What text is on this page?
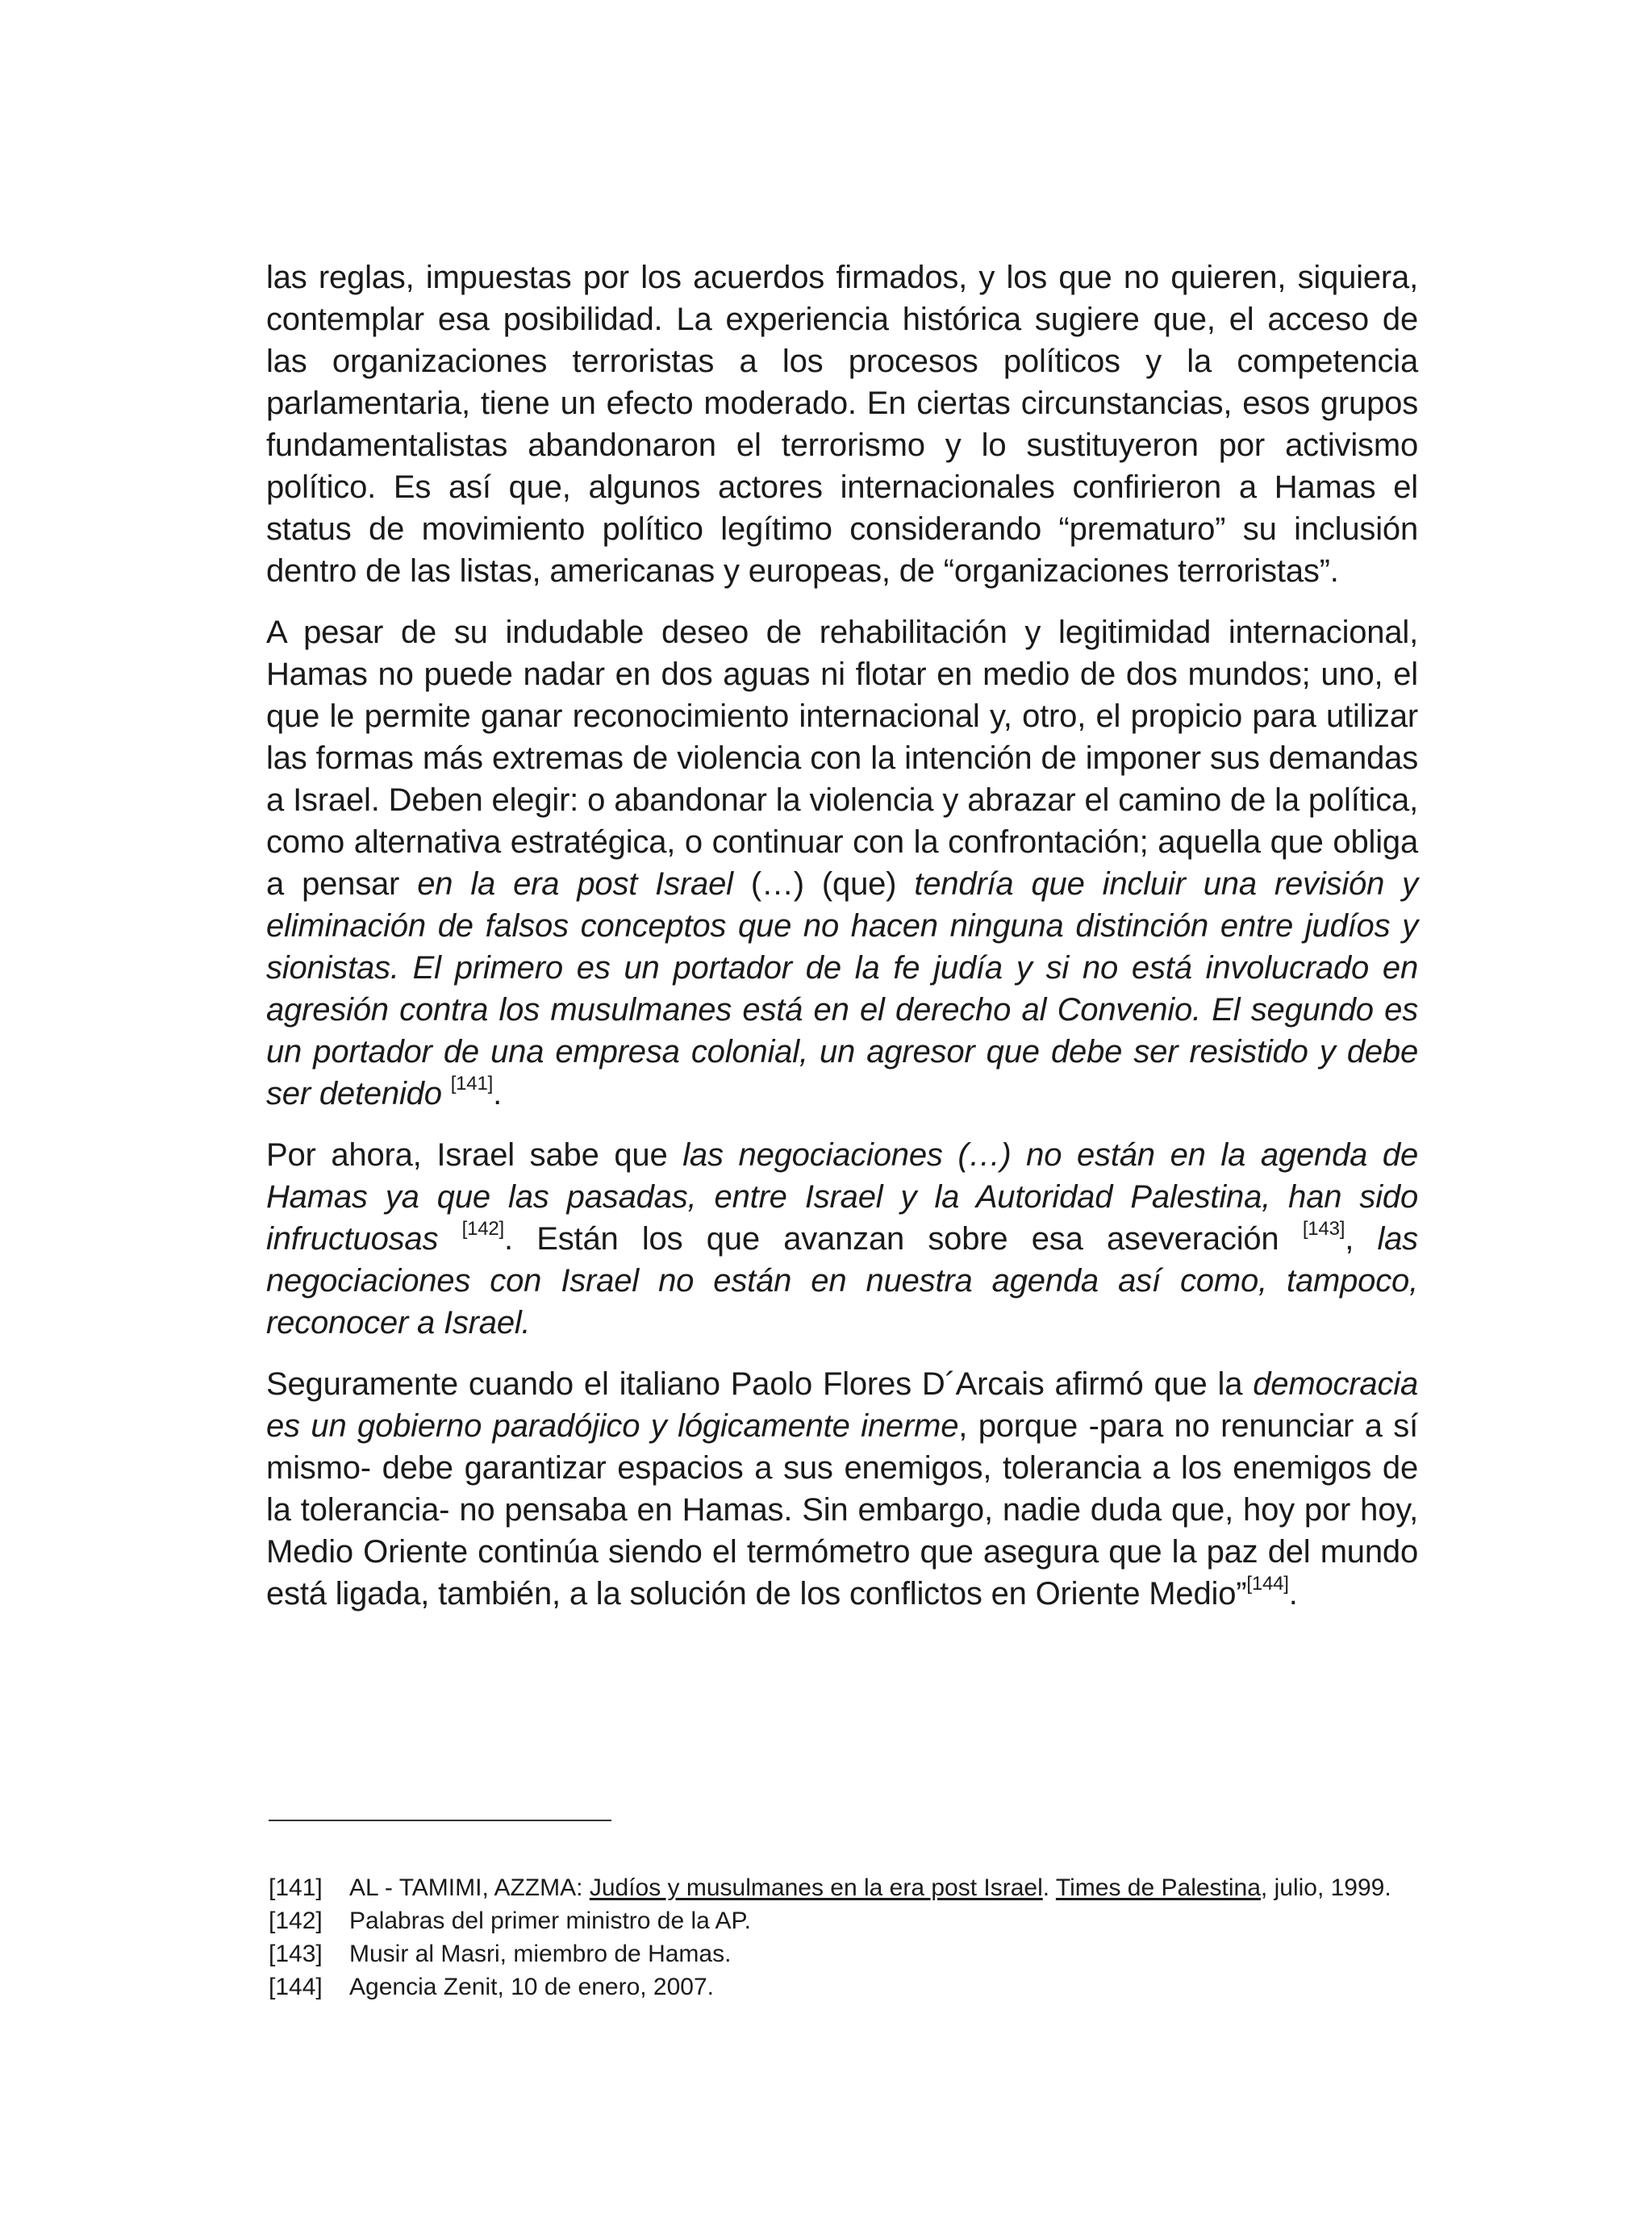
las reglas, impuestas por los acuerdos firmados, y los que no quieren, siquiera, contemplar esa posibilidad. La experiencia histórica sugiere que, el acceso de las organizaciones terroristas a los procesos políticos y la competencia parlamentaria, tiene un efecto moderado. En ciertas circunstancias, esos grupos fundamentalistas abandonaron el terrorismo y lo sustituyeron por activismo político. Es así que, algunos actores internacionales confirieron a Hamas el status de movimiento político legítimo considerando “prematuro” su inclusión dentro de las listas, americanas y europeas, de “organizaciones terroristas”.

A pesar de su indudable deseo de rehabilitación y legitimidad internacional, Hamas no puede nadar en dos aguas ni flotar en medio de dos mundos; uno, el que le permite ganar reconocimiento internacional y, otro, el propicio para utilizar las formas más extremas de violencia con la intención de imponer sus demandas a Israel. Deben elegir: o abandonar la violencia y abrazar el camino de la política, como alternativa estratégica, o continuar con la confrontación; aquella que obliga a pensar en la era post Israel (…) (que) tendría que incluir una revisión y eliminación de falsos conceptos que no hacen ninguna distinción entre judíos y sionistas. El primero es un portador de la fe judía y si no está involucrado en agresión contra los musulmanes está en el derecho al Convenio. El segundo es un portador de una empresa colonial, un agresor que debe ser resistido y debe ser detenido [141].

Por ahora, Israel sabe que las negociaciones (…) no están en la agenda de Hamas ya que las pasadas, entre Israel y la Autoridad Palestina, han sido infructuosas [142]. Están los que avanzan sobre esa aseveración [143], las negociaciones con Israel no están en nuestra agenda así como, tampoco, reconocer a Israel.

Seguramente cuando el italiano Paolo Flores D´Arcais afirmó que la democracia es un gobierno paradójico y lógicamente inerme, porque -para no renunciar a sí mismo- debe garantizar espacios a sus enemigos, tolerancia a los enemigos de la tolerancia- no pensaba en Hamas. Sin embargo, nadie duda que, hoy por hoy, Medio Oriente continúa siendo el termómetro que asegura que la paz del mundo está ligada, también, a la solución de los conflictos en Oriente Medio”[144].

[141]	AL - TAMIMI, AZZMA: Judíos y musulmanes en la era post Israel. Times de Palestina, julio, 1999.
[142]	Palabras del primer ministro de la AP.
[143]	Musir al Masri, miembro de Hamas.
[144]	Agencia Zenit, 10 de enero, 2007.
